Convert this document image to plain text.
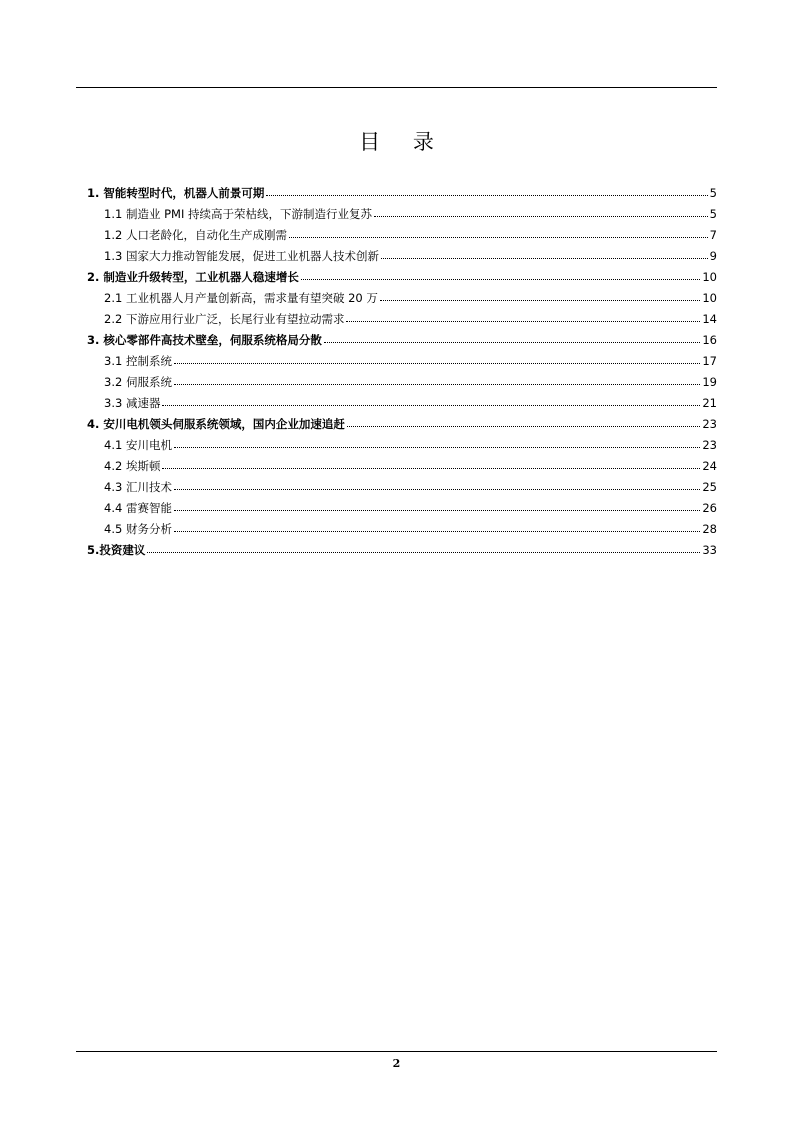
目 录
1. 智能转型时代，机器人前景可期	5
1.1 制造业 PMI 持续高于荣枯线，下游制造行业复苏	5
1.2 人口老龄化，自动化生产成刚需	7
1.3 国家大力推动智能发展，促进工业机器人技术创新	9
2. 制造业升级转型，工业机器人稳速增长	10
2.1 工业机器人月产量创新高，需求量有望突破 20 万	10
2.2 下游应用行业广泛，长尾行业有望拉动需求	14
3. 核心零部件高技术壁垒，伺服系统格局分散	16
3.1 控制系统	17
3.2 伺服系统	19
3.3 减速器	21
4. 安川电机领头伺服系统领域，国内企业加速追赶	23
4.1 安川电机	23
4.2 埃斯顿	24
4.3 汇川技术	25
4.4 雷赛智能	26
4.5 财务分析	28
5.投资建议	33
2
